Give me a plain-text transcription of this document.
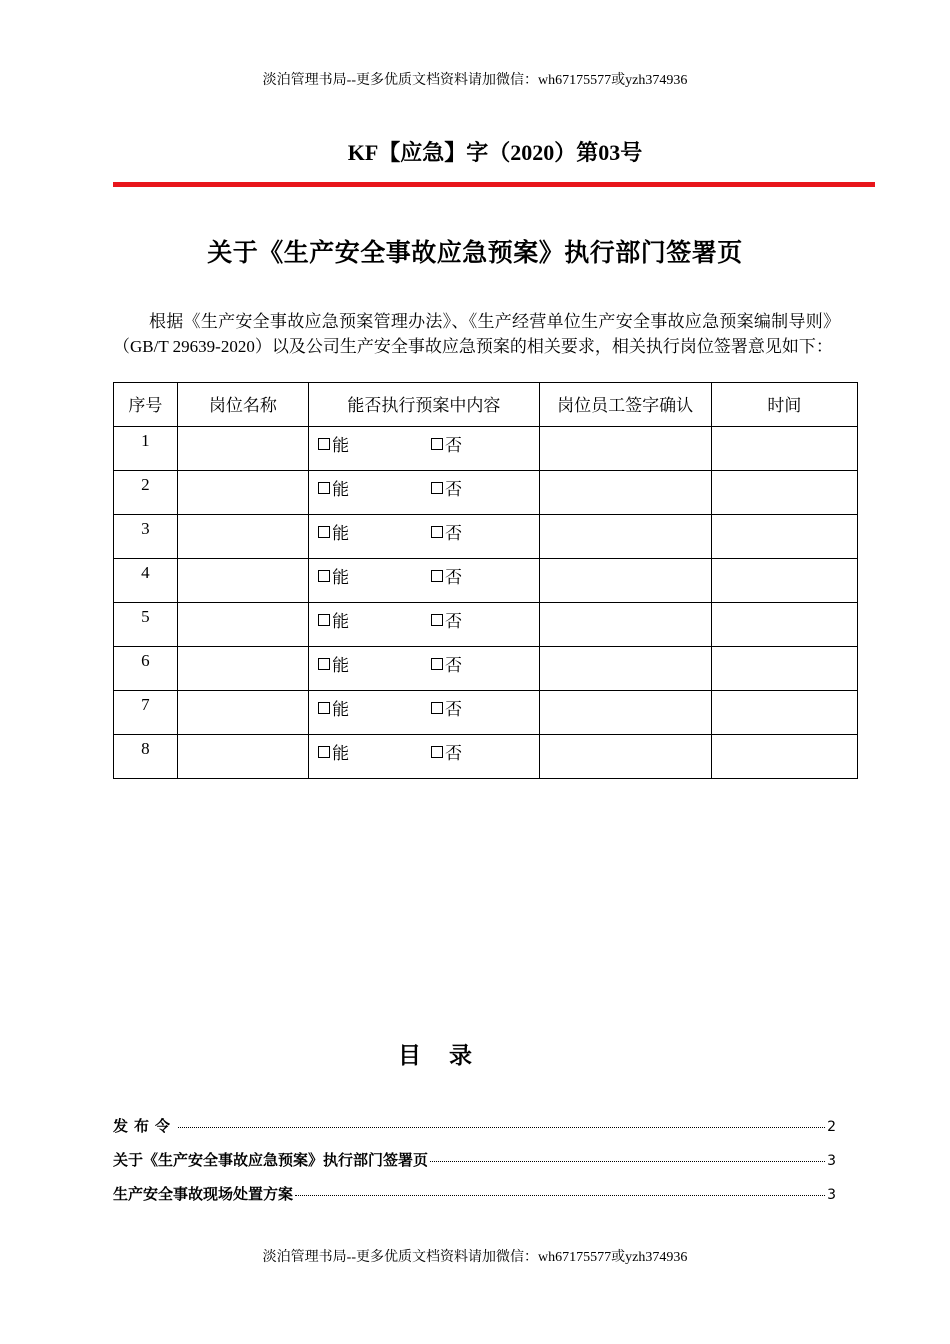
淡泊管理书局--更多优质文档资料请加微信：wh67175577或yzh374936
KF【应急】字（2020）第03号
关于《生产安全事故应急预案》执行部门签署页
根据《生产安全事故应急预案管理办法》、《生产经营单位生产安全事故应急预案编制导则》（GB/T 29639-2020）以及公司生产安全事故应急预案的相关要求，相关执行岗位签署意见如下：
序号	岗位名称	能否执行预案中内容	岗位员工签字确认	时间
1		能 否		

2		能 否		

3		能 否		

4		能 否		

5		能 否		

6		能 否		

7		能 否		

8		能 否		

目 录
发布令	2
关于《生产安全事故应急预案》执行部门签署页	3
生产安全事故现场处置方案	3
淡泊管理书局--更多优质文档资料请加微信：wh67175577或yzh374936
